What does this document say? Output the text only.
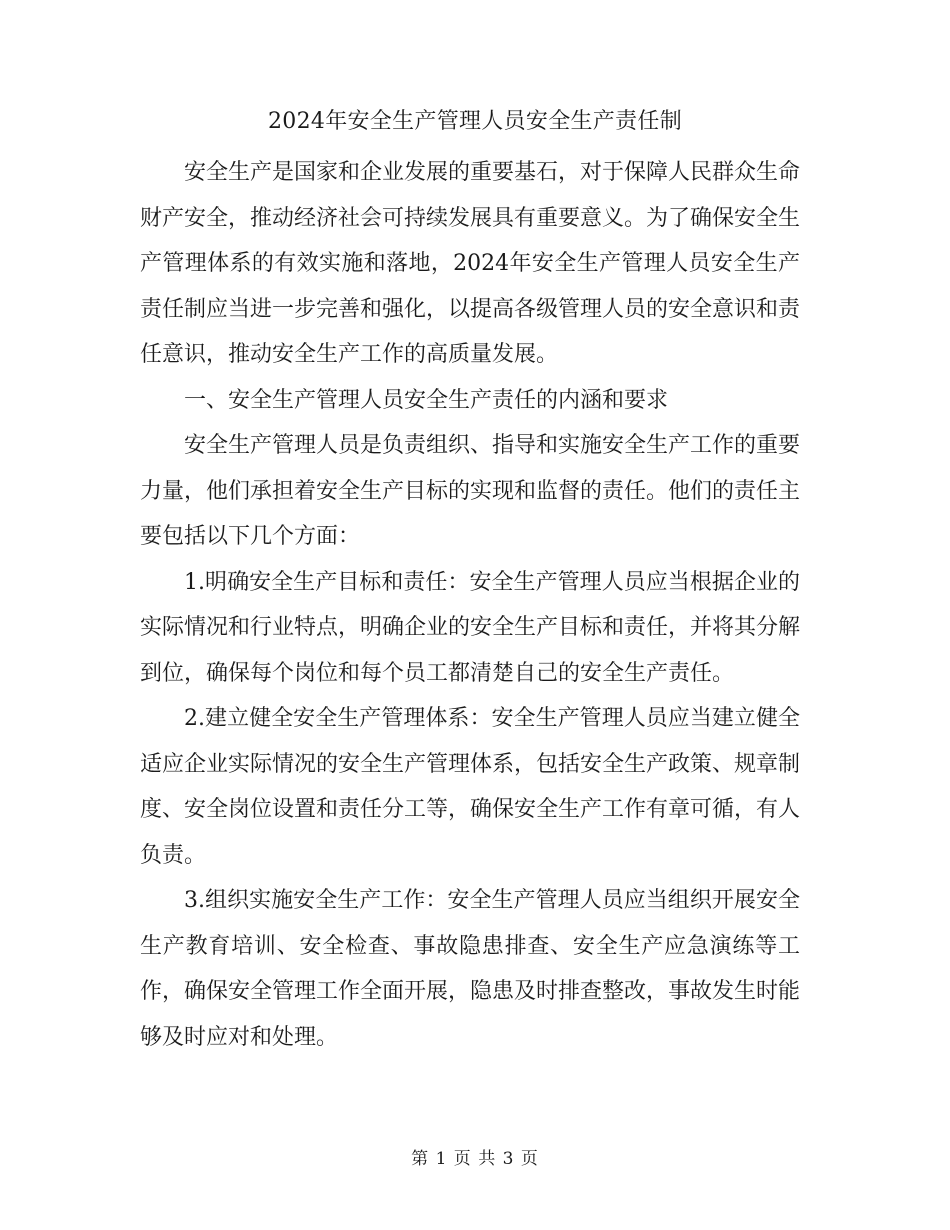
2024年安全生产管理人员安全生产责任制

安全生产是国家和企业发展的重要基石，对于保障人民群众生命财产安全，推动经济社会可持续发展具有重要意义。为了确保安全生产管理体系的有效实施和落地，2024年安全生产管理人员安全生产责任制应当进一步完善和强化，以提高各级管理人员的安全意识和责任意识，推动安全生产工作的高质量发展。

一、安全生产管理人员安全生产责任的内涵和要求

安全生产管理人员是负责组织、指导和实施安全生产工作的重要力量，他们承担着安全生产目标的实现和监督的责任。他们的责任主要包括以下几个方面：

1.明确安全生产目标和责任：安全生产管理人员应当根据企业的实际情况和行业特点，明确企业的安全生产目标和责任，并将其分解到位，确保每个岗位和每个员工都清楚自己的安全生产责任。

2.建立健全安全生产管理体系：安全生产管理人员应当建立健全适应企业实际情况的安全生产管理体系，包括安全生产政策、规章制度、安全岗位设置和责任分工等，确保安全生产工作有章可循，有人负责。

3.组织实施安全生产工作：安全生产管理人员应当组织开展安全生产教育培训、安全检查、事故隐患排查、安全生产应急演练等工作，确保安全管理工作全面开展，隐患及时排查整改，事故发生时能够及时应对和处理。

第 1 页 共 3 页
